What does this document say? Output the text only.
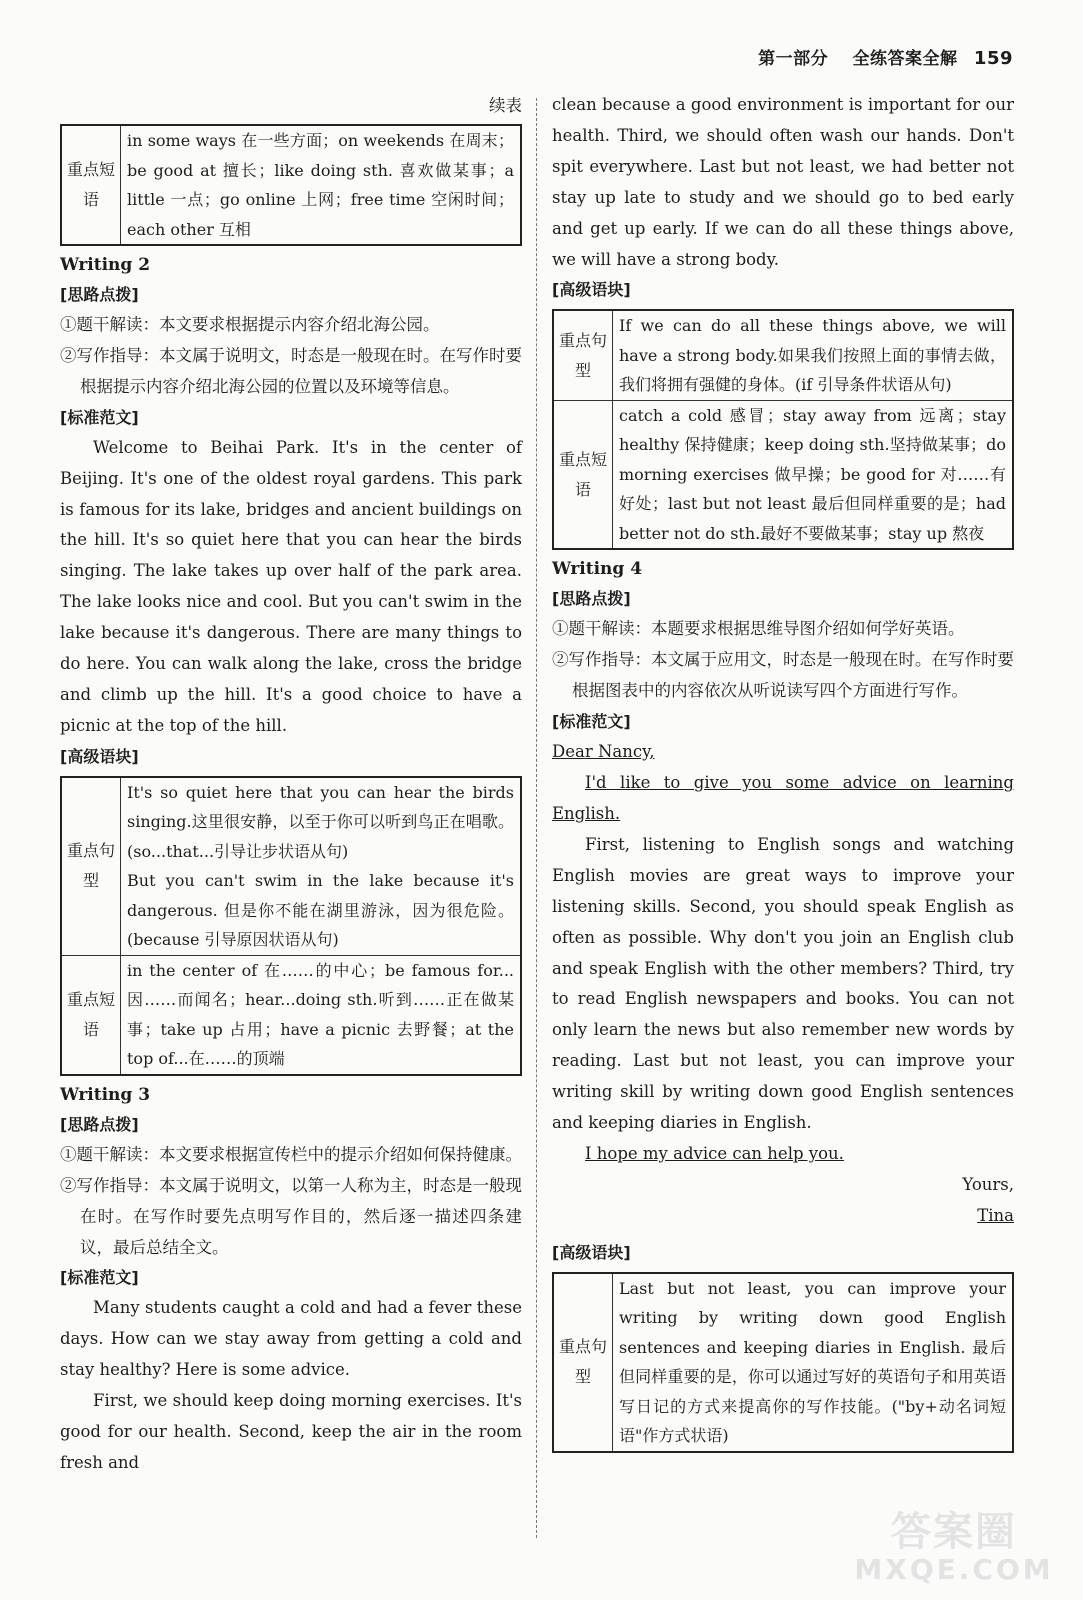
第一部分 全练答案全解 159
续表
重点短语	in some ways 在一些方面；on weekends 在周末；be good at 擅长；like doing sth. 喜欢做某事；a little 一点；go online 上网；free time 空闲时间；each other 互相
Writing 2
[思路点拨]
①题干解读：本文要求根据提示内容介绍北海公园。
②写作指导：本文属于说明文，时态是一般现在时。在写作时要根据提示内容介绍北海公园的位置以及环境等信息。
[标准范文]

Welcome to Beihai Park. It's in the center of Beijing. It's one of the oldest royal gardens. This park is famous for its lake, bridges and ancient buildings on the hill. It's so quiet here that you can hear the birds singing. The lake takes up over half of the park area. The lake looks nice and cool. But you can't swim in the lake because it's dangerous. There are many things to do here. You can walk along the lake, cross the bridge and climb up the hill. It's a good choice to have a picnic at the top of the hill.

[高级语块]
重点句型	It's so quiet here that you can hear the birds singing.这里很安静，以至于你可以听到鸟正在唱歌。(so...that...引导让步状语从句)
But you can't swim in the lake because it's dangerous. 但是你不能在湖里游泳，因为很危险。(because 引导原因状语从句)

重点短语	in the center of 在……的中心；be famous for... 因……而闻名；hear...doing sth.听到……正在做某事；take up 占用；have a picnic 去野餐；at the top of...在……的顶端
Writing 3
[思路点拨]
①题干解读：本文要求根据宣传栏中的提示介绍如何保持健康。
②写作指导：本文属于说明文，以第一人称为主，时态是一般现在时。在写作时要先点明写作目的，然后逐一描述四条建议，最后总结全文。
[标准范文]

Many students caught a cold and had a fever these days. How can we stay away from getting a cold and stay healthy? Here is some advice.

First, we should keep doing morning exercises. It's good for our health. Second, keep the air in the room fresh and

clean because a good environment is important for our health. Third, we should often wash our hands. Don't spit everywhere. Last but not least, we had better not stay up late to study and we should go to bed early and get up early. If we can do all these things above, we will have a strong body.

[高级语块]
重点句型	If we can do all these things above, we will have a strong body.如果我们按照上面的事情去做，我们将拥有强健的身体。(if 引导条件状语从句)
重点短语	catch a cold 感冒；stay away from 远离；stay healthy 保持健康；keep doing sth.坚持做某事；do morning exercises 做早操；be good for 对……有好处；last but not least 最后但同样重要的是；had better not do sth.最好不要做某事；stay up 熬夜
Writing 4
[思路点拨]
①题干解读：本题要求根据思维导图介绍如何学好英语。
②写作指导：本文属于应用文，时态是一般现在时。在写作时要根据图表中的内容依次从听说读写四个方面进行写作。
[标准范文]
Dear Nancy,

I'd like to give you some advice on learning English.

First, listening to English songs and watching English movies are great ways to improve your listening skills. Second, you should speak English as often as possible. Why don't you join an English club and speak English with the other members? Third, try to read English newspapers and books. You can not only learn the news but also remember new words by reading. Last but not least, you can improve your writing skill by writing down good English sentences and keeping diaries in English.

I hope my advice can help you.

Yours,
Tina
[高级语块]
重点句型	Last but not least, you can improve your writing by writing down good English sentences and keeping diaries in English. 最后但同样重要的是，你可以通过写好的英语句子和用英语写日记的方式来提高你的写作技能。("by+动名词短语"作方式状语)
答案圈
MXQE.COM
